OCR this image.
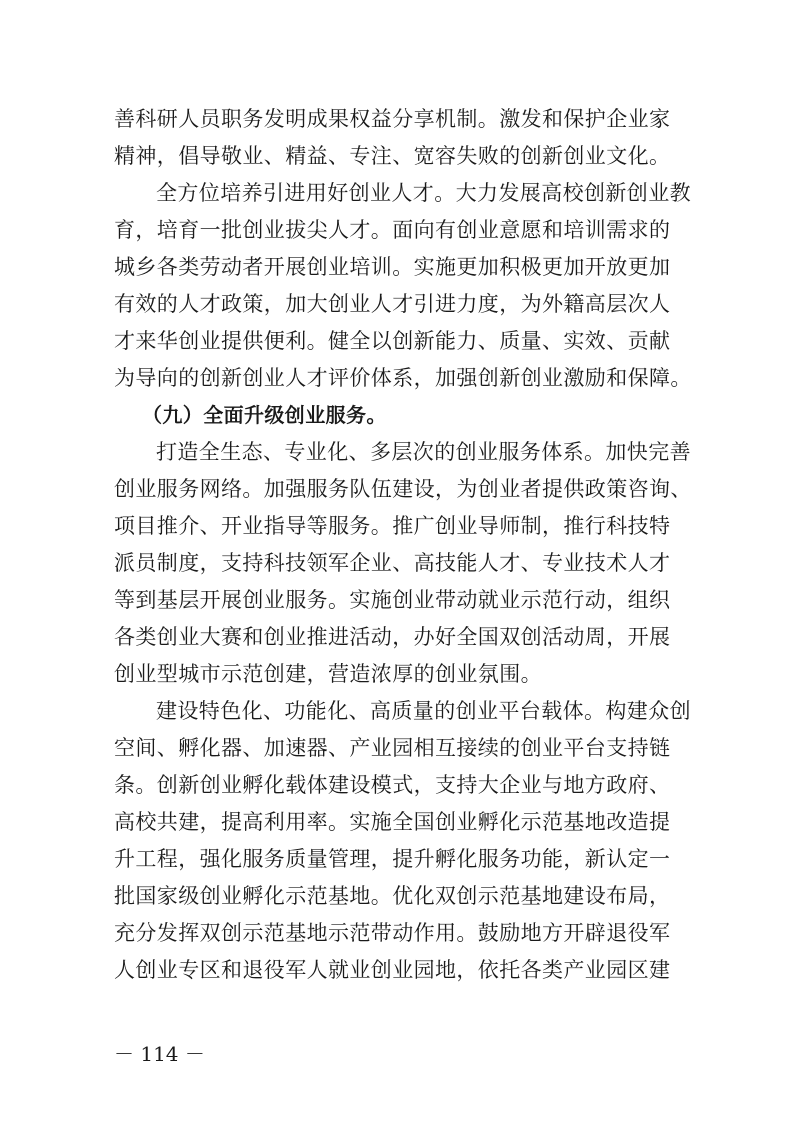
善科研人员职务发明成果权益分享机制。激发和保护企业家
精神，倡导敬业、精益、专注、宽容失败的创新创业文化。
全方位培养引进用好创业人才。大力发展高校创新创业教
育，培育一批创业拔尖人才。面向有创业意愿和培训需求的
城乡各类劳动者开展创业培训。实施更加积极更加开放更加
有效的人才政策，加大创业人才引进力度，为外籍高层次人
才来华创业提供便利。健全以创新能力、质量、实效、贡献
为导向的创新创业人才评价体系，加强创新创业激励和保障。
（九）全面升级创业服务。
打造全生态、专业化、多层次的创业服务体系。加快完善
创业服务网络。加强服务队伍建设，为创业者提供政策咨询、
项目推介、开业指导等服务。推广创业导师制，推行科技特
派员制度，支持科技领军企业、高技能人才、专业技术人才
等到基层开展创业服务。实施创业带动就业示范行动，组织
各类创业大赛和创业推进活动，办好全国双创活动周，开展
创业型城市示范创建，营造浓厚的创业氛围。
建设特色化、功能化、高质量的创业平台载体。构建众创
空间、孵化器、加速器、产业园相互接续的创业平台支持链
条。创新创业孵化载体建设模式，支持大企业与地方政府、
高校共建，提高利用率。实施全国创业孵化示范基地改造提
升工程，强化服务质量管理，提升孵化服务功能，新认定一
批国家级创业孵化示范基地。优化双创示范基地建设布局，
充分发挥双创示范基地示范带动作用。鼓励地方开辟退役军
人创业专区和退役军人就业创业园地，依托各类产业园区建
－ 114 －
